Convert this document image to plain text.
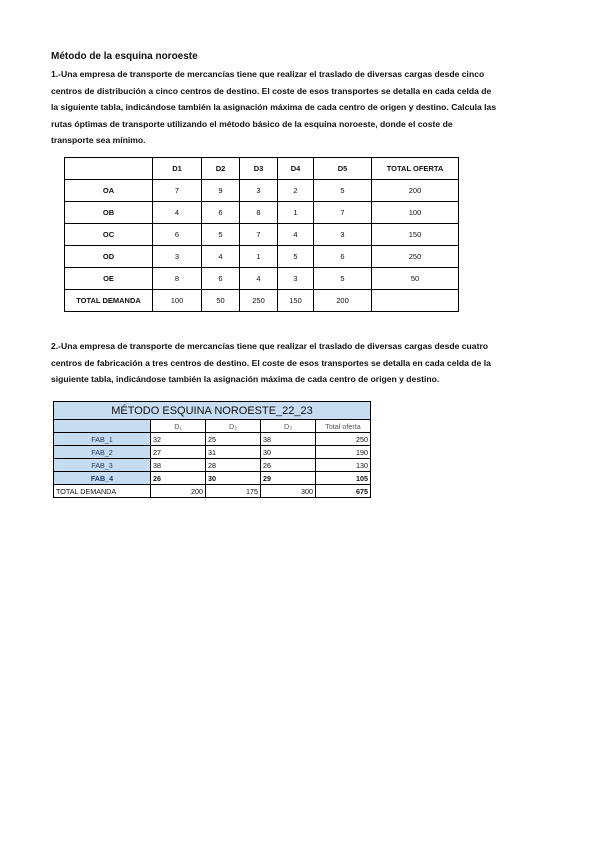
Método de la esquina noroeste

1.-Una empresa de transporte de mercancías tiene que realizar el traslado de diversas cargas desde cinco

centros de distribución a cinco centros de destino. El coste de esos transportes se detalla en cada celda de

la siguiente tabla, indicándose también la asignación máxima de cada centro de origen y destino. Calcula las

rutas óptimas de transporte utilizando el método básico de la esquina noroeste, donde el coste de

transporte sea mínimo.

	D1	D2	D3	D4	D5	TOTAL OFERTA
OA	7	9	3	2	5	200
OB	4	6	8	1	7	100
OC	6	5	7	4	3	150
OD	3	4	1	5	6	250
OE	8	6	4	3	5	50
TOTAL DEMANDA	100	50	250	150	200	

2.-Una empresa de transporte de mercancías tiene que realizar el traslado de diversas cargas desde cuatro

centros de fabricación a tres centros de destino. El coste de esos transportes se detalla en cada celda de la

siguiente tabla, indicándose también la asignación máxima de cada centro de origen y destino.

MÉTODO ESQUINA NOROESTE_22_23				
	D₁	D₂	D₃	Total oferta
FAB_1	32	25	38	250
FAB_2	27	31	30	190
FAB_3	38	28	26	130
FAB_4	26	30	29	105
TOTAL DEMANDA	200	175	300	675
